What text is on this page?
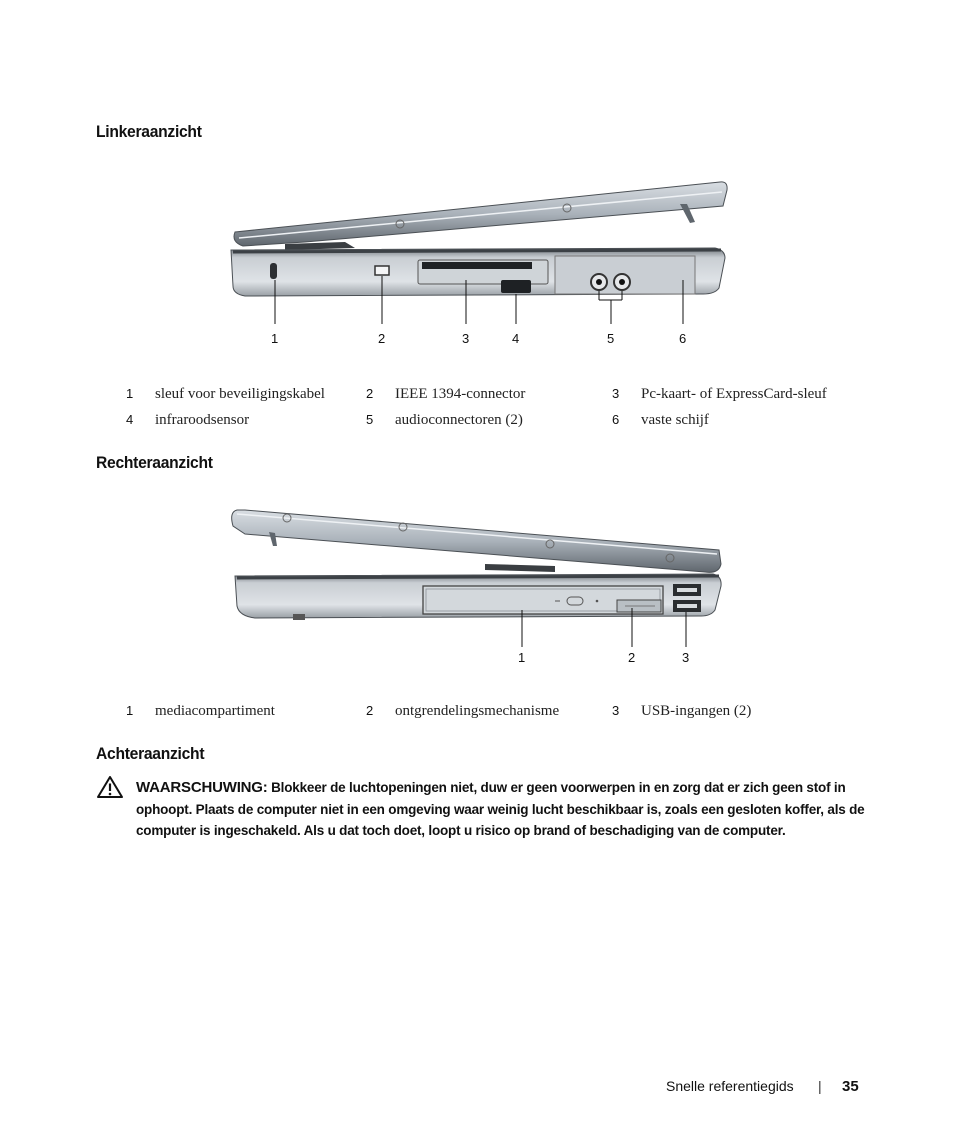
Linkeraanzicht
1	2	3	4	5	6
1	sleuf voor beveiligingskabel	2	IEEE 1394-connector	3	Pc-kaart- of ExpressCard-sleuf
4	infraroodsensor	5	audioconnectoren (2)	6	vaste schijf
Rechteraanzicht
1	2	3
1	mediacompartiment	2	ontgrendelingsmechanisme	3	USB-ingangen (2)
Achteraanzicht
WAARSCHUWING: Blokkeer de luchtopeningen niet, duw er geen voorwerpen in en zorg dat er zich geen stof in ophoopt. Plaats de computer niet in een omgeving waar weinig lucht beschikbaar is, zoals een gesloten koffer, als de computer is ingeschakeld. Als u dat toch doet, loopt u risico op brand of beschadiging van de computer.
Snelle referentiegids | 35
